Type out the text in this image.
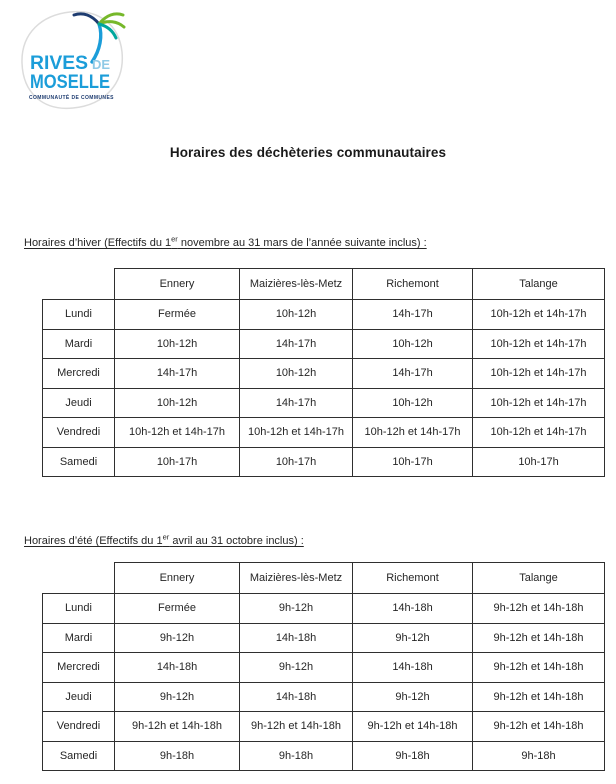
RIVES DE
MOSELLE
COMMUNAUTÉ DE COMMUNES
Horaires des déchèteries communautaires
Horaires d’hiver (Effectifs du 1er novembre au 31 mars de l’année suivante inclus) :
	Ennery	Maizières-lès-Metz	Richemont	Talange
Lundi	Fermée	10h-12h	14h-17h	10h-12h et 14h-17h
Mardi	10h-12h	14h-17h	10h-12h	10h-12h et 14h-17h
Mercredi	14h-17h	10h-12h	14h-17h	10h-12h et 14h-17h
Jeudi	10h-12h	14h-17h	10h-12h	10h-12h et 14h-17h
Vendredi	10h-12h et 14h-17h	10h-12h et 14h-17h	10h-12h et 14h-17h	10h-12h et 14h-17h
Samedi	10h-17h	10h-17h	10h-17h	10h-17h
Horaires d’été (Effectifs du 1er avril au 31 octobre inclus) :
	Ennery	Maizières-lès-Metz	Richemont	Talange
Lundi	Fermée	9h-12h	14h-18h	9h-12h et 14h-18h
Mardi	9h-12h	14h-18h	9h-12h	9h-12h et 14h-18h
Mercredi	14h-18h	9h-12h	14h-18h	9h-12h et 14h-18h
Jeudi	9h-12h	14h-18h	9h-12h	9h-12h et 14h-18h
Vendredi	9h-12h et 14h-18h	9h-12h et 14h-18h	9h-12h et 14h-18h	9h-12h et 14h-18h
Samedi	9h-18h	9h-18h	9h-18h	9h-18h
